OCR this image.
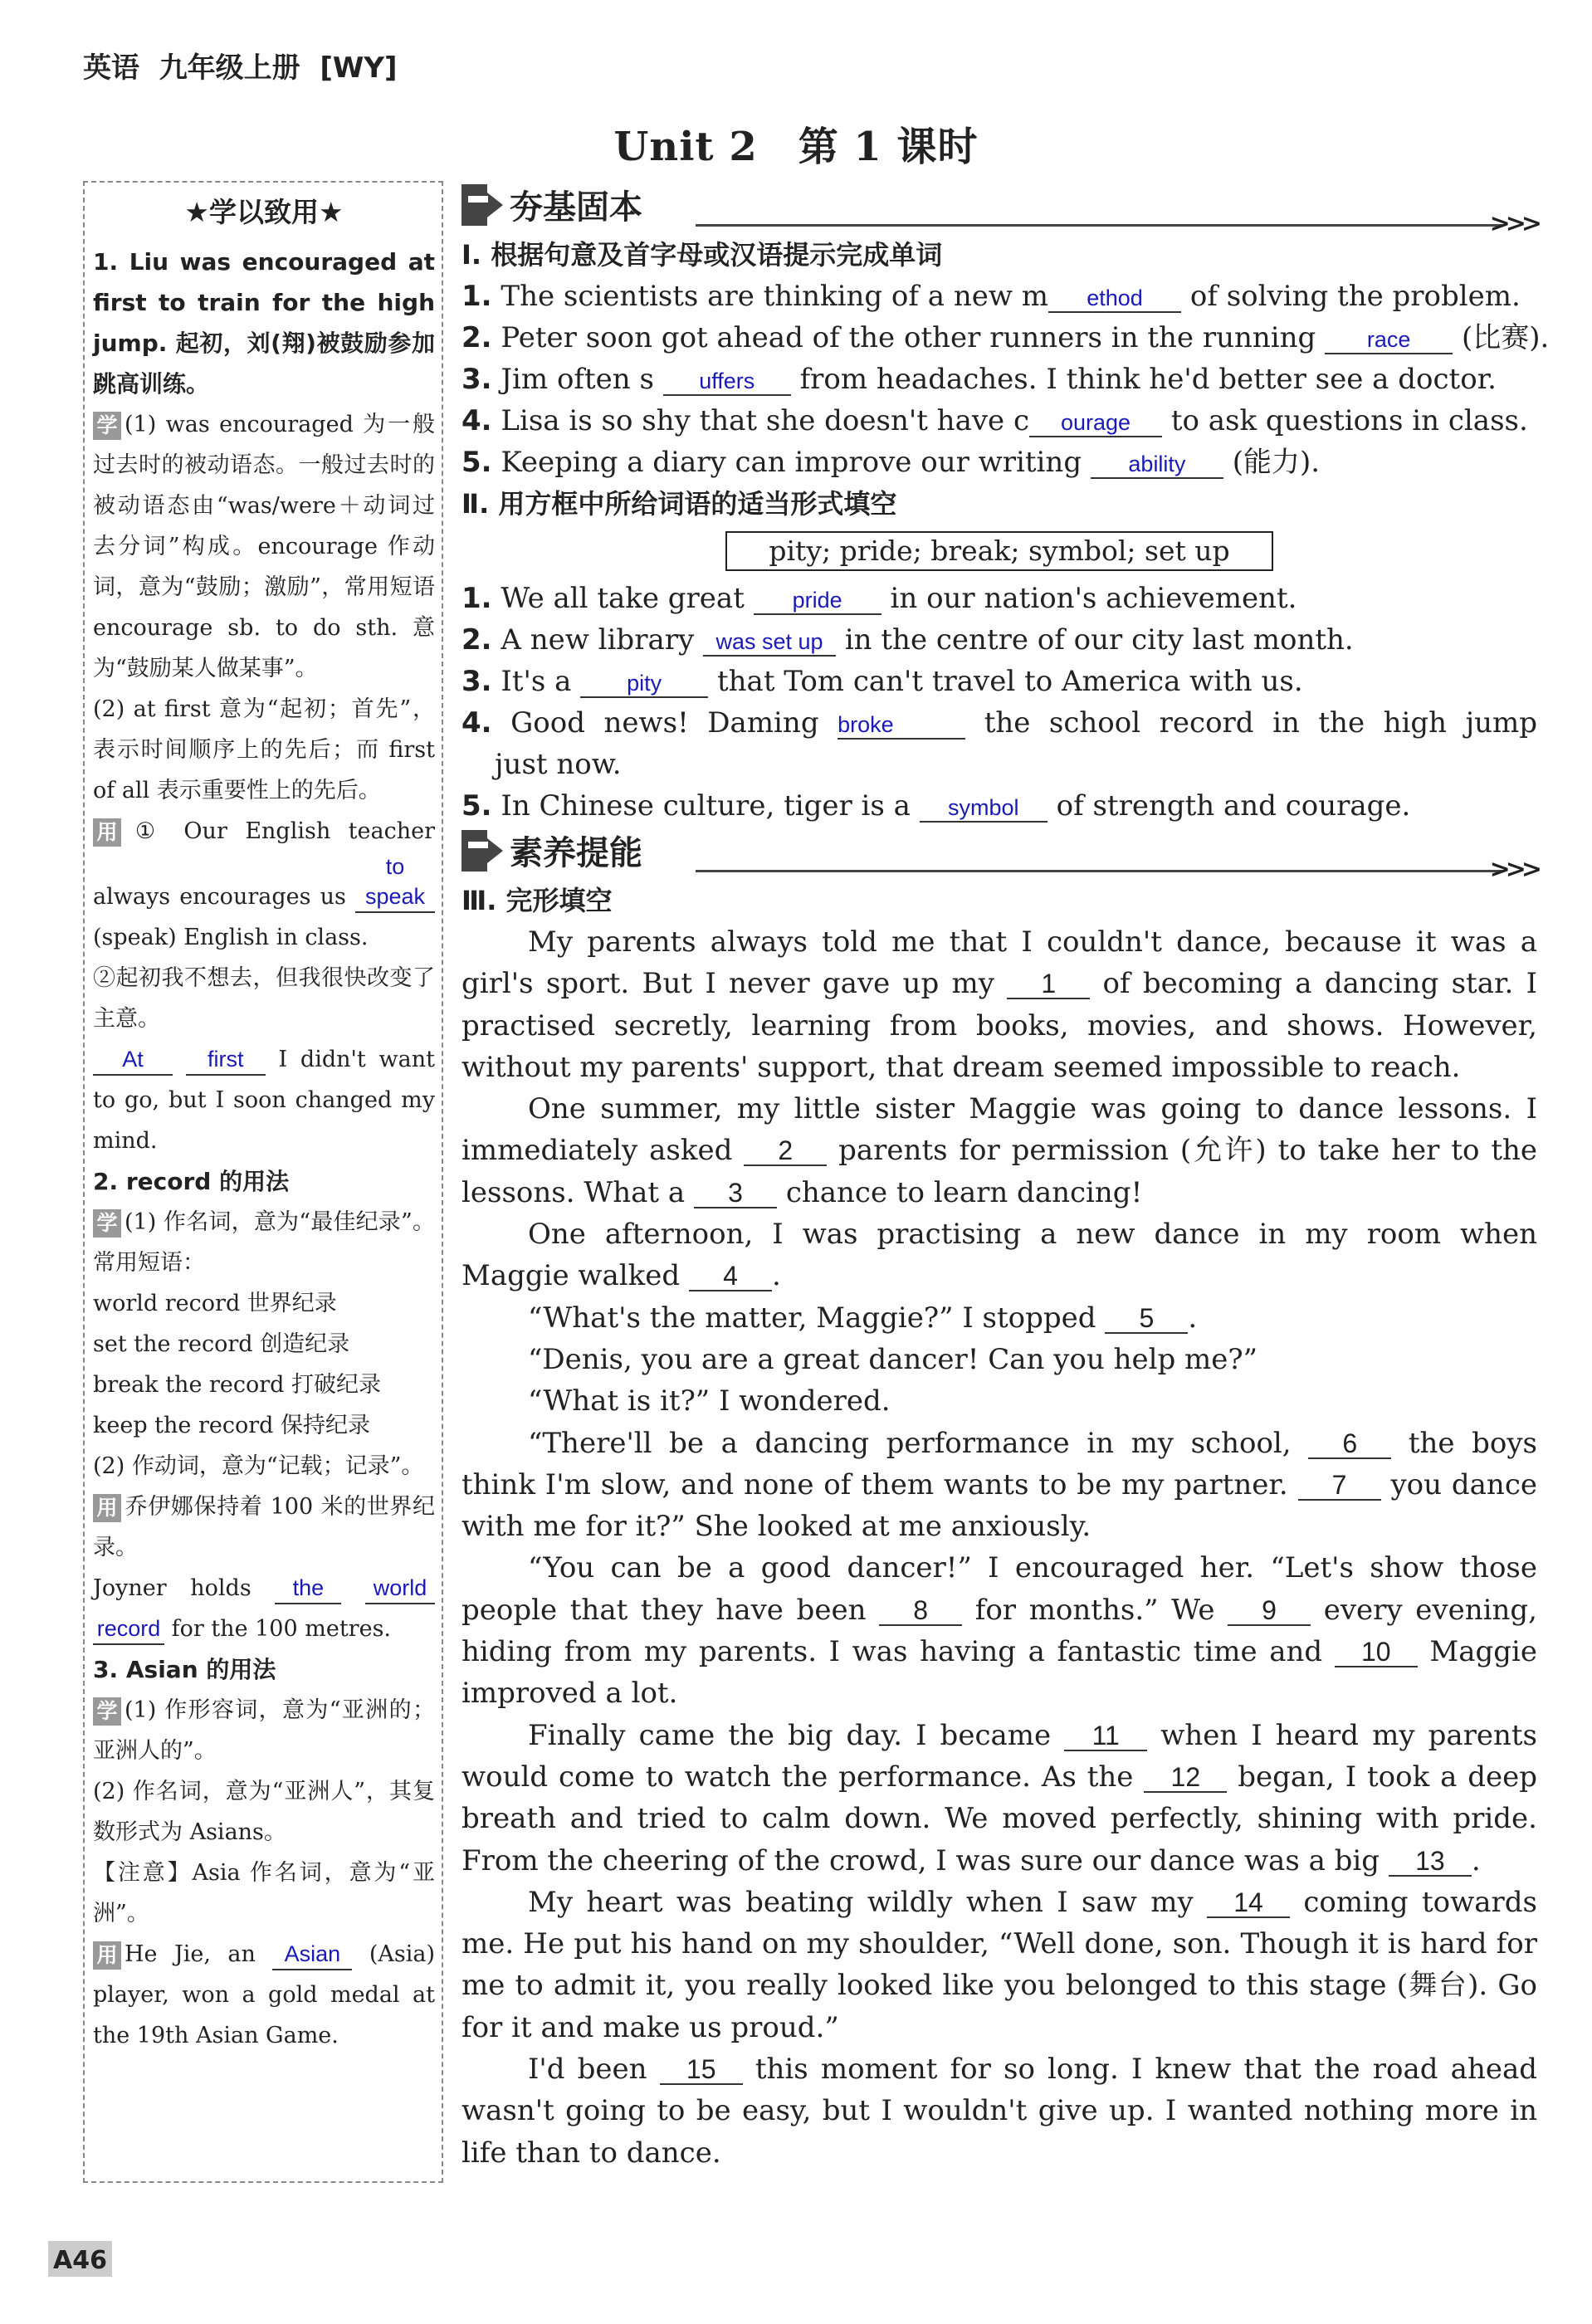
英语 九年级上册 [WY]
Unit 2　第 1 课时
★学以致用★
1. Liu was encouraged at first to train for the high jump. 起初，刘(翔)被鼓励参加跳高训练。
学 (1) was encouraged 为一般过去时的被动语态。一般过去时的被动语态由“was/were＋动词过去分词”构成。encourage 作动词，意为“鼓励；激励”，常用短语 encourage sb. to do sth. 意为“鼓励某人做某事”。
(2) at first 意为“起初；首先”，表示时间顺序上的先后；而 first of all 表示重要性上的先后。
用 ① Our English teacher always encourages us to speak (speak) English in class.
②起初我不想去，但我很快改变了主意。
At	first I didn't want to go, but I soon changed my mind.
2. record 的用法
学 (1) 作名词，意为“最佳纪录”。常用短语：
world record 世界纪录
set the record 创造纪录
break the record 打破纪录
keep the record 保持纪录
(2) 作动词，意为“记载；记录”。
用 乔伊娜保持着 100 米的世界纪录。
Joyner holds the world record for the 100 metres.
3. Asian 的用法
学 (1) 作形容词，意为“亚洲的；亚洲人的”。
(2) 作名词，意为“亚洲人”，其复数形式为 Asians。
【注意】Asia 作名词，意为“亚洲”。
用 He Jie, an Asian (Asia) player, won a gold medal at the 19th Asian Game.
夯基固本	>>>
Ⅰ. 根据句意及首字母或汉语提示完成单词
1. The scientists are thinking of a new m ethod of solving the problem.
2. Peter soon got ahead of the other runners in the running race (比赛).
3. Jim often s uffers from headaches. I think he'd better see a doctor.
4. Lisa is so shy that she doesn't have c ourage to ask questions in class.
5. Keeping a diary can improve our writing ability (能力).
Ⅱ. 用方框中所给词语的适当形式填空
pity; pride; break; symbol; set up
1. We all take great pride in our nation's achievement.
2. A new library was set up in the centre of our city last month.
3. It's a pity that Tom can't travel to America with us.
4. Good news! Daming broke	the school record in the high jump
just now.
5. In Chinese culture, tiger is a symbol of strength and courage.
素养提能	>>>
Ⅲ. 完形填空
My parents always told me that I couldn't dance, because it was a girl's sport. But I never gave up my 1 of becoming a dancing star. I practised secretly, learning from books, movies, and shows. However, without my parents' support, that dream seemed impossible to reach.
One summer, my little sister Maggie was going to dance lessons. I immediately asked 2 parents for permission (允许) to take her to the lessons. What a 3 chance to learn dancing!
One afternoon, I was practising a new dance in my room when Maggie walked 4 .
“What's the matter, Maggie?” I stopped 5 .
“Denis, you are a great dancer! Can you help me?”
“What is it?” I wondered.
“There'll be a dancing performance in my school, 6 the boys think I'm slow, and none of them wants to be my partner. 7 you dance with me for it?” She looked at me anxiously.
“You can be a good dancer!” I encouraged her. “Let's show those people that they have been 8 for months.” We 9 every evening, hiding from my parents. I was having a fantastic time and 10 Maggie improved a lot.
Finally came the big day. I became 11 when I heard my parents would come to watch the performance. As the 12 began, I took a deep breath and tried to calm down. We moved perfectly, shining with pride. From the cheering of the crowd, I was sure our dance was a big 13 .
My heart was beating wildly when I saw my 14 coming towards me. He put his hand on my shoulder, “Well done, son. Though it is hard for me to admit it, you really looked like you belonged to this stage (舞台). Go for it and make us proud.”
I'd been 15 this moment for so long. I knew that the road ahead wasn't going to be easy, but I wouldn't give up. I wanted nothing more in life than to dance.
A46
